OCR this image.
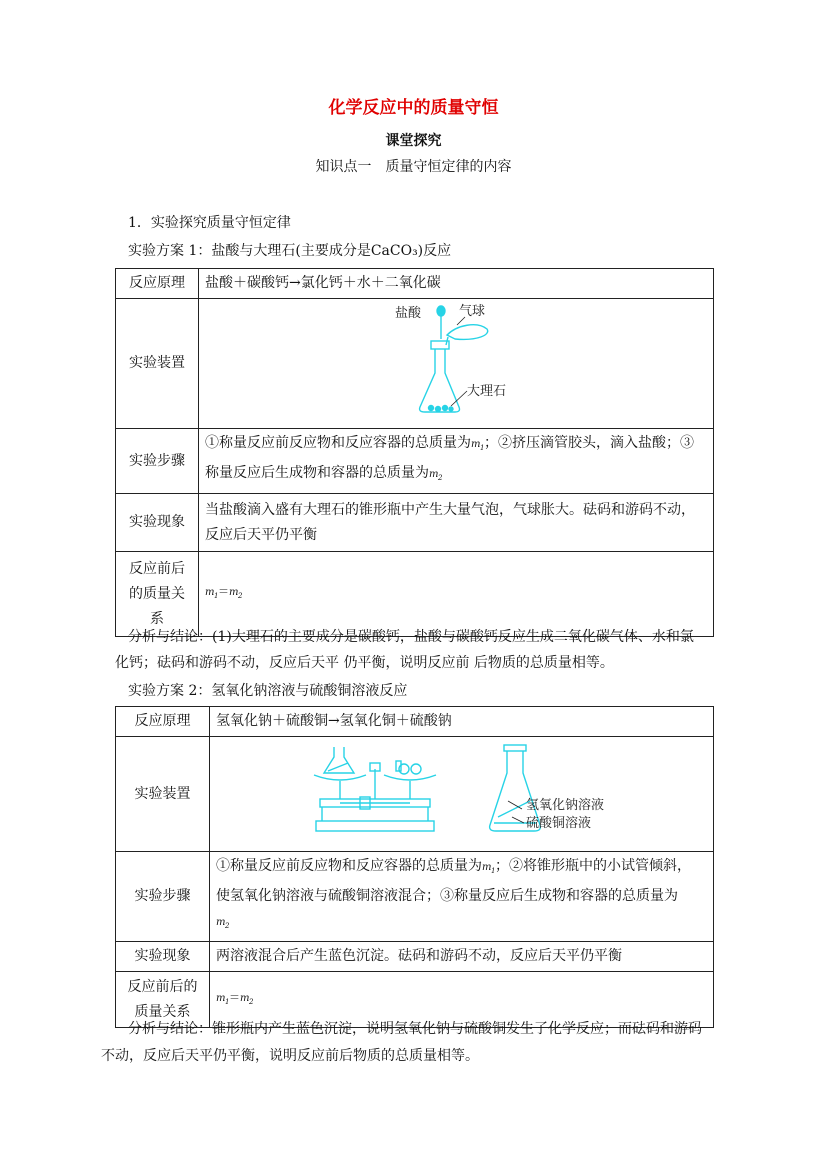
化学反应中的质量守恒
课堂探究
知识点一　质量守恒定律的内容
1．实验探究质量守恒定律
实验方案 1：盐酸与大理石(主要成分是CaCO₃)反应
反应原理	盐酸＋碳酸钙→氯化钙＋水＋二氧化碳
实验装置	盐酸 气球
大理石

实验步骤	①称量反应前反应物和反应容器的总质量为$m_1$；②挤压滴管胶头，滴入盐酸；③
称量反应后生成物和容器的总质量为$m_2$
实验现象	当盐酸滴入盛有大理石的锥形瓶中产生大量气泡，气球胀大。砝码和游码不动，
反应后天平仍平衡
反应前后
的质量关
系	$m_1=m_2$
分析与结论：(1)大理石的主要成分是碳酸钙，盐酸与碳酸钙反应生成二氧化碳气体、水和氯
化钙；砝码和游码不动，反应后天平 仍平衡，说明反应前 后物质的总质量相等。
实验方案 2：氢氧化钠溶液与硫酸铜溶液反应
反应原理	氢氧化钠＋硫酸铜→氢氧化铜＋硫酸钠
实验装置	氢氧化钠溶液
硫酸铜溶液

实验步骤	①称量反应前反应物和反应容器的总质量为$m_1$；②将锥形瓶中的小试管倾斜，
使氢氧化钠溶液与硫酸铜溶液混合；③称量反应后生成物和容器的总质量为
$m_2$
实验现象	两溶液混合后产生蓝色沉淀。砝码和游码不动，反应后天平仍平衡
反应前后的
质量关系	$m_1=m_2$
分析与结论：锥形瓶内产生蓝色沉淀，说明氢氧化钠与硫酸铜发生了化学反应；而砝码和游码
不动，反应后天平仍平衡，说明反应前后物质的总质量相等。
